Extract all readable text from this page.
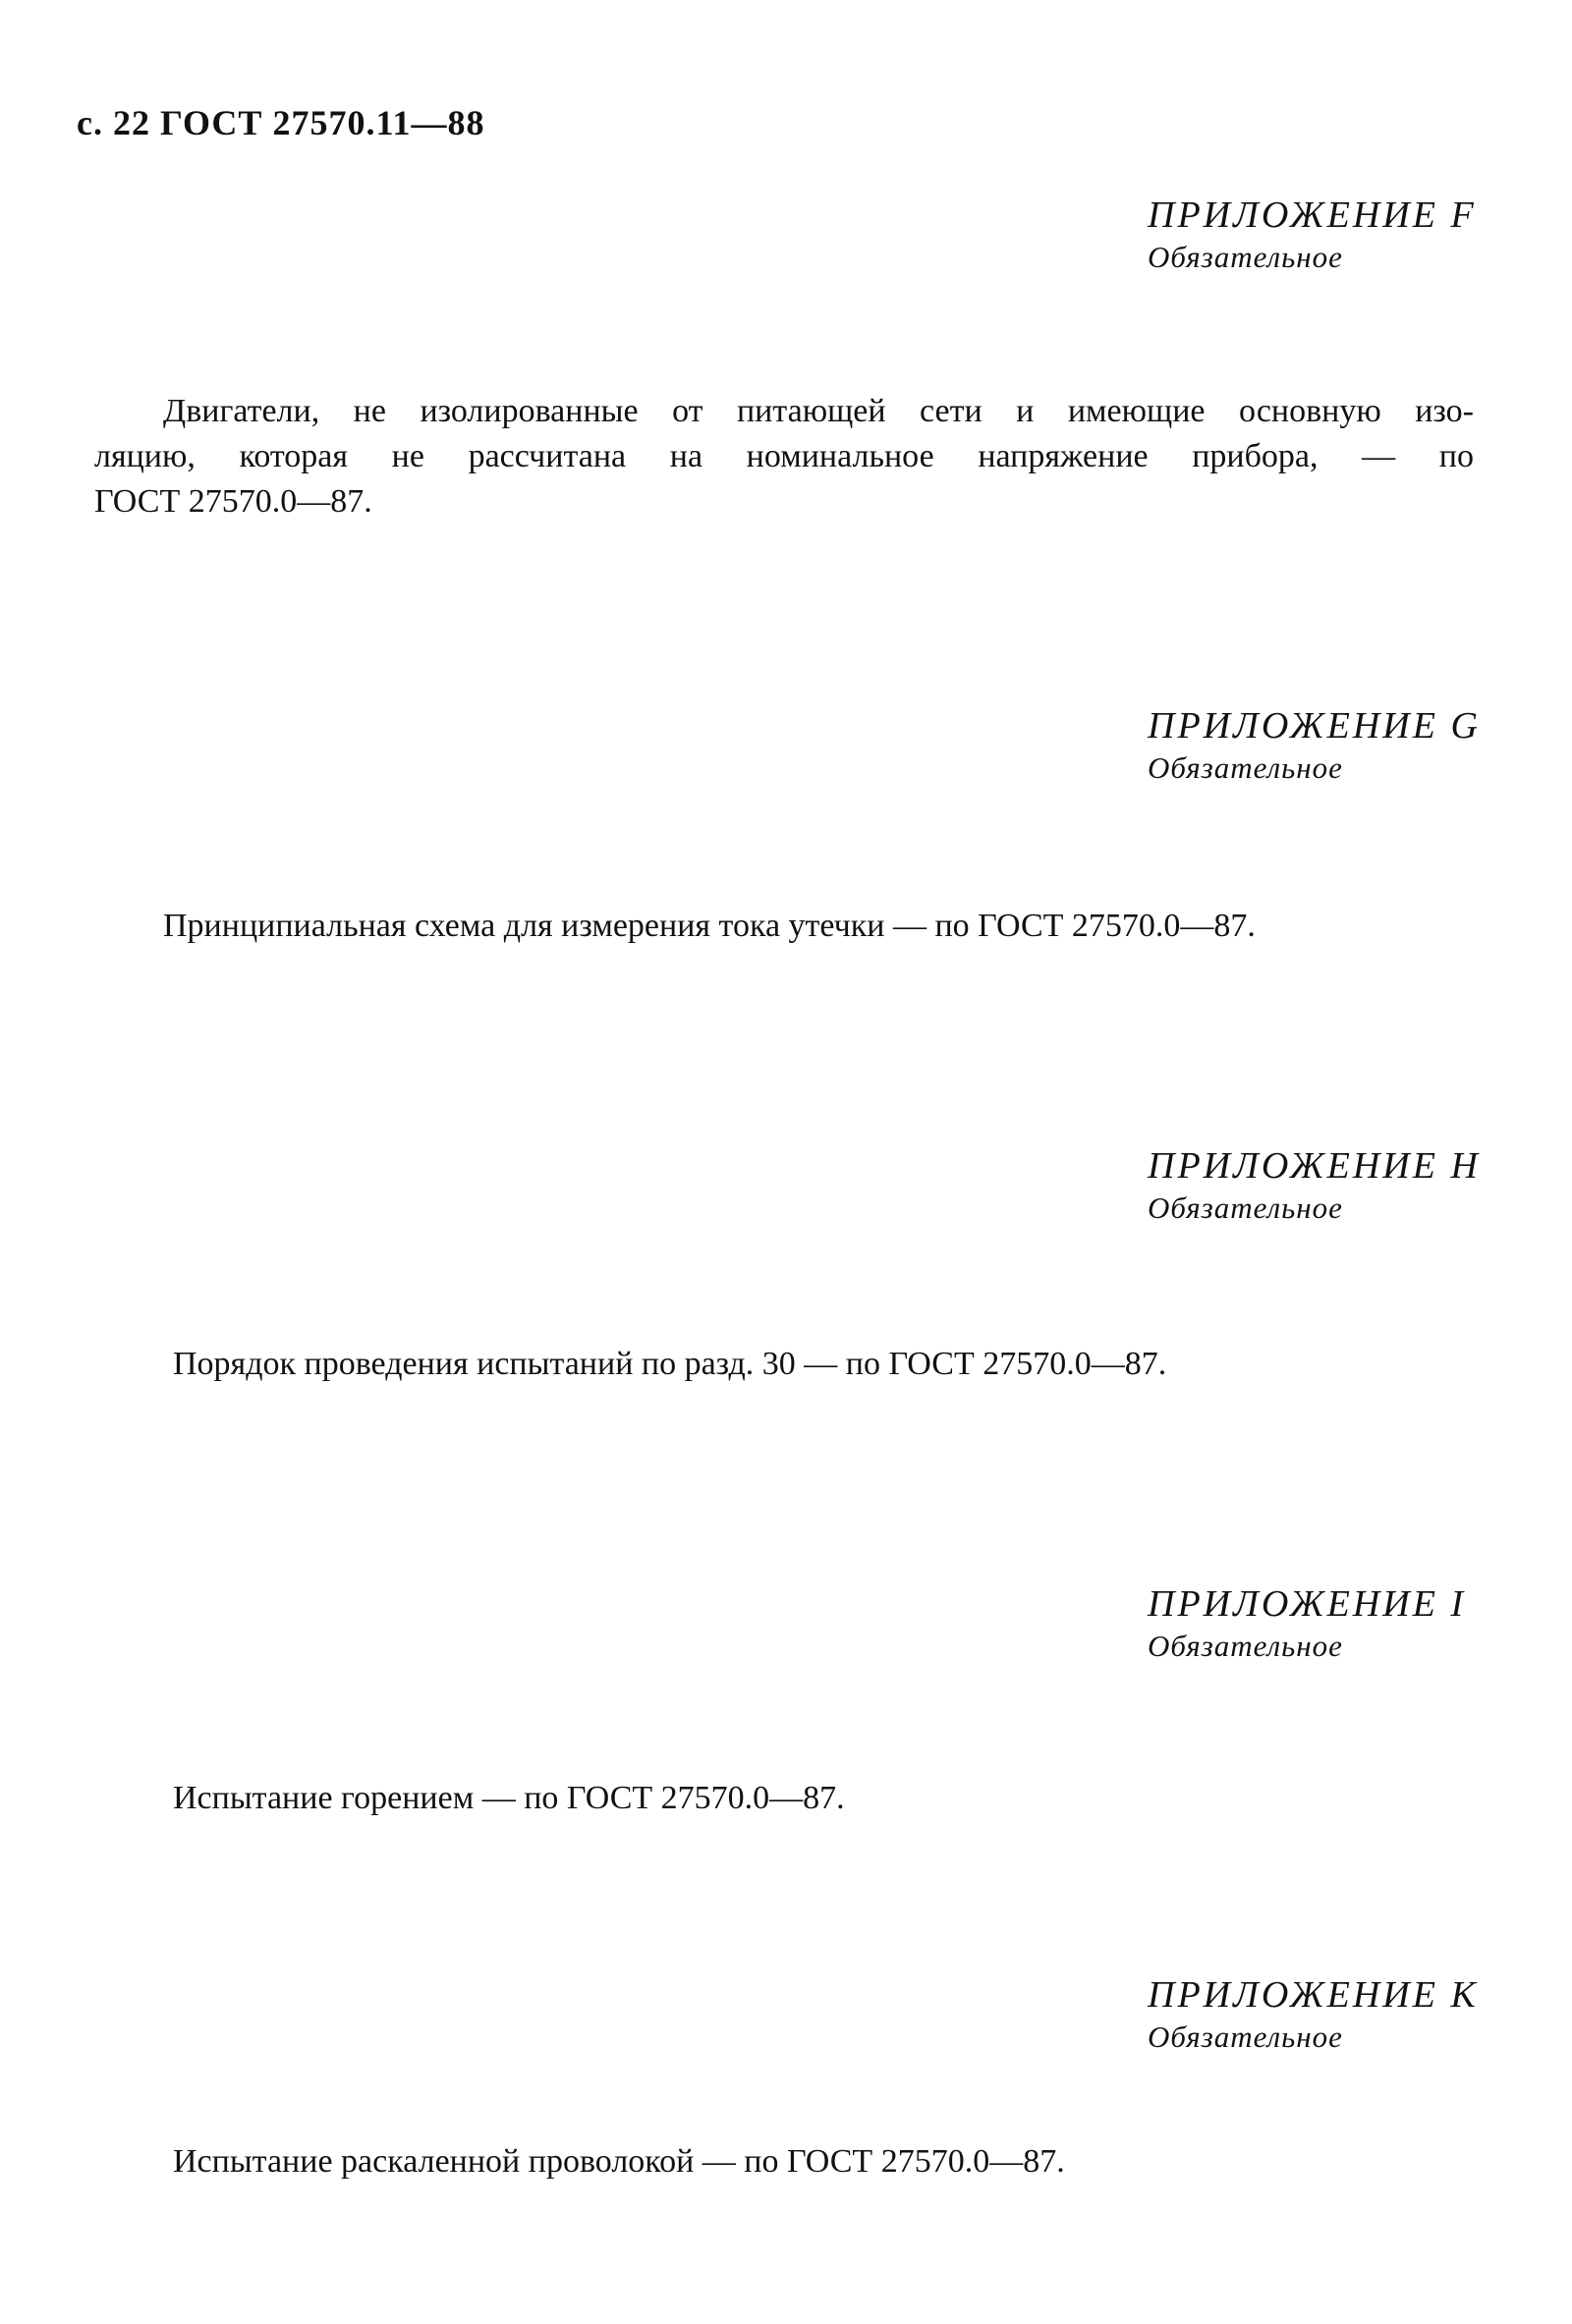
с. 22 ГОСТ 27570.11—88
ПРИЛОЖЕНИЕ F
Обязательное
Двигатели, не изолированные от питающей сети и имеющие основную изо-
ляцию, которая не рассчитана на номинальное напряжение прибора, — по
ГОСТ 27570.0—87.
ПРИЛОЖЕНИЕ G
Обязательное
Принципиальная схема для измерения тока утечки — по ГОСТ 27570.0—87.
ПРИЛОЖЕНИЕ H
Обязательное
Порядок проведения испытаний по разд. 30 — по ГОСТ 27570.0—87.
ПРИЛОЖЕНИЕ I
Обязательное
Испытание горением — по ГОСТ 27570.0—87.
ПРИЛОЖЕНИЕ K
Обязательное
Испытание раскаленной проволокой — по ГОСТ 27570.0—87.
